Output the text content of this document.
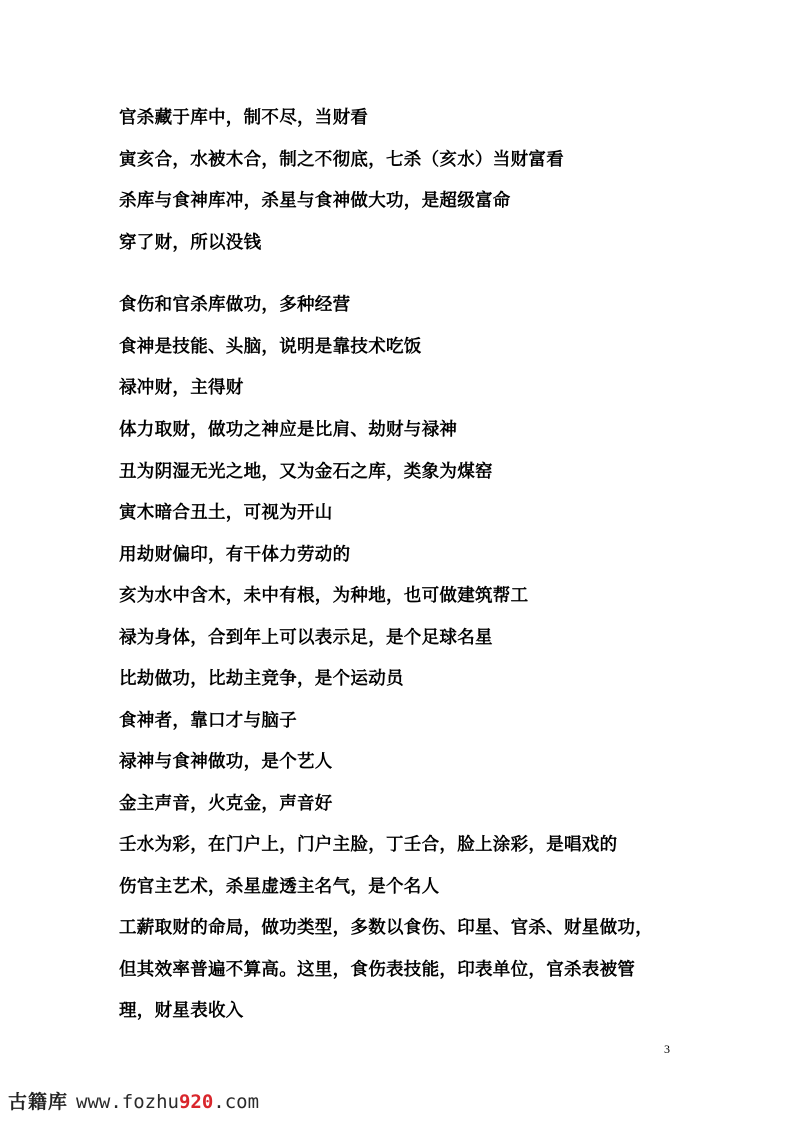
官杀藏于库中，制不尽，当财看
寅亥合，水被木合，制之不彻底，七杀（亥水）当财富看
杀库与食神库冲，杀星与食神做大功，是超级富命
穿了财，所以没钱
食伤和官杀库做功，多种经营
食神是技能、头脑，说明是靠技术吃饭
禄冲财，主得财
体力取财，做功之神应是比肩、劫财与禄神
丑为阴湿无光之地，又为金石之库，类象为煤窑
寅木暗合丑土，可视为开山
用劫财偏印，有干体力劳动的
亥为水中含木，未中有根，为种地，也可做建筑帮工
禄为身体，合到年上可以表示足，是个足球名星
比劫做功，比劫主竞争，是个运动员
食神者，靠口才与脑子
禄神与食神做功，是个艺人
金主声音，火克金，声音好
壬水为彩，在门户上，门户主脸，丁壬合，脸上涂彩，是唱戏的
伤官主艺术，杀星虚透主名气，是个名人
工薪取财的命局，做功类型，多数以食伤、印星、官杀、财星做功，
但其效率普遍不算高。这里，食伤表技能，印表单位，官杀表被管
理，财星表收入
3
古籍库 www.fozhu920.com
